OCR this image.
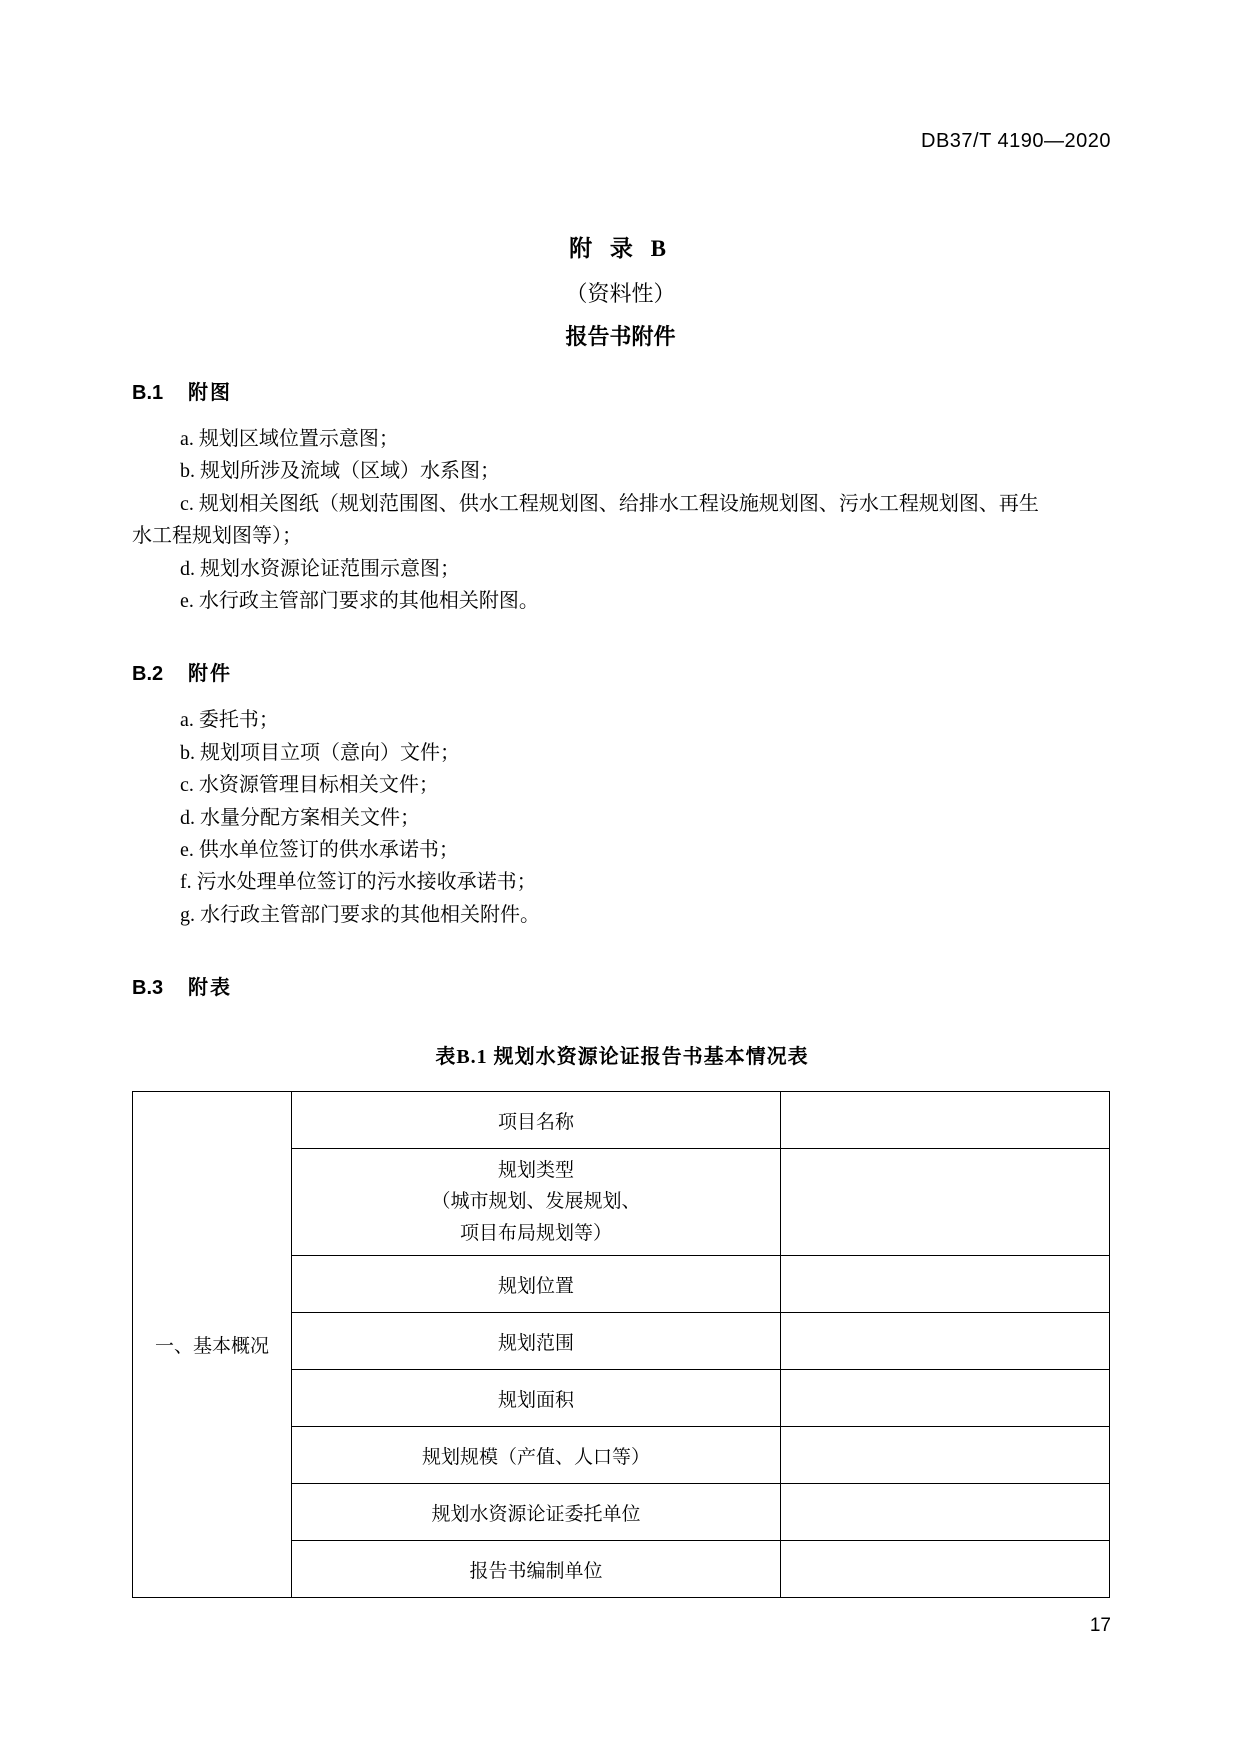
DB37/T 4190—2020
附 录 B
（资料性）
报告书附件
B.1 附图
a. 规划区域位置示意图；
b. 规划所涉及流域（区域）水系图；
c. 规划相关图纸（规划范围图、供水工程规划图、给排水工程设施规划图、污水工程规划图、再生
水工程规划图等）；
d. 规划水资源论证范围示意图；
e. 水行政主管部门要求的其他相关附图。
B.2 附件
a. 委托书；
b. 规划项目立项（意向）文件；
c. 水资源管理目标相关文件；
d. 水量分配方案相关文件；
e. 供水单位签订的供水承诺书；
f. 污水处理单位签订的污水接收承诺书；
g. 水行政主管部门要求的其他相关附件。
B.3 附表
表B.1 规划水资源论证报告书基本情况表
一、基本概况	项目名称	

	规划类型
（城市规划、发展规划、
项目布局规划等）	

	规划位置	
	规划范围	
	规划面积	
	规划规模（产值、人口等）	
	规划水资源论证委托单位	
	报告书编制单位	
17
